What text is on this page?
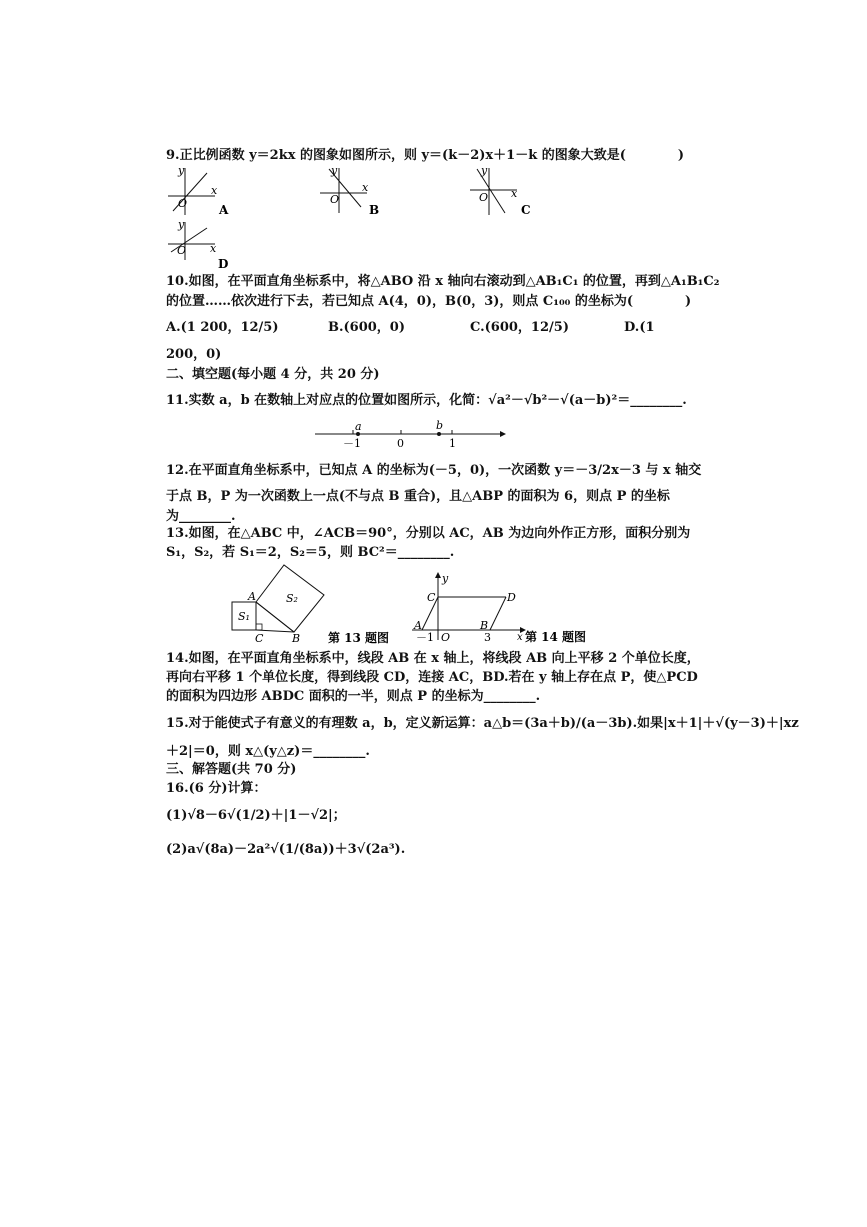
9.正比例函数 y＝2kx 的图象如图所示，则 y＝(k－2)x＋1－k 的图象大致是(　　　　)
y
x
O	A
y
x
O
B
y
x
O
C
y
x
O
D
10.如图，在平面直角坐标系中，将△ABO 沿 x 轴向右滚动到△AB₁C₁ 的位置，再到△A₁B₁C₂
的位置……依次进行下去，若已知点 A(4，0)，B(0，3)，则点 C₁₀₀ 的坐标为(　　　　)
A.(1 200，12/5)	B.(600，0)	C.(600，12/5)	D.(1
200，0)
二、填空题(每小题 4 分，共 20 分)
11.实数 a，b 在数轴上对应点的位置如图所示，化简：√a²－√b²－√(a－b)²＝________.
a	b
－1	0	1
12.在平面直角坐标系中，已知点 A 的坐标为(－5，0)，一次函数 y＝－3/2x－3 与 x 轴交
于点 B，P 为一次函数上一点(不与点 B 重合)，且△ABP 的面积为 6，则点 P 的坐标
为________.
13.如图，在△ABC 中，∠ACB＝90°，分别以 AC，AB 为边向外作正方形，面积分别为
S₁，S₂，若 S₁＝2，S₂＝5，则 BC²＝________.
A
C	B
S₁
S₂
第 13 题图
y
x
C	D
A	B
O
－1	3	第 14 题图
14.如图，在平面直角坐标系中，线段 AB 在 x 轴上，将线段 AB 向上平移 2 个单位长度，
再向右平移 1 个单位长度，得到线段 CD，连接 AC，BD.若在 y 轴上存在点 P，使△PCD
的面积为四边形 ABDC 面积的一半，则点 P 的坐标为________.
15.对于能使式子有意义的有理数 a，b，定义新运算：a△b＝(3a＋b)/(a－3b).如果|x＋1|＋√(y－3)＋|xz
＋2|＝0，则 x△(y△z)＝________.
三、解答题(共 70 分)
16.(6 分)计算：
(1)√8－6√(1/2)＋|1－√2|；
(2)a√(8a)－2a²√(1/(8a))＋3√(2a³).
